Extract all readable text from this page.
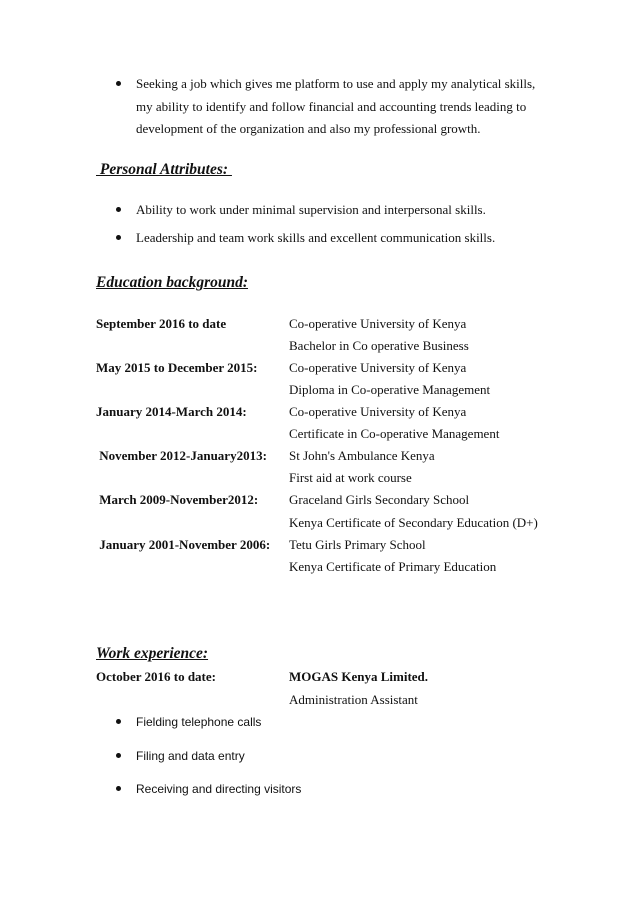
Seeking a job which gives me platform to use and apply my analytical skills,
my ability to identify and follow financial and accounting trends leading to
development of the organization and also my professional growth.
Personal Attributes:
Ability to work under minimal supervision and interpersonal skills.
Leadership and team work skills and excellent communication skills.
Education background:
September 2016 to date	Co-operative University of Kenya
Bachelor in Co operative Business
May 2015 to December 2015: Co-operative University of Kenya
Diploma in Co-operative Management
January 2014-March 2014:	Co-operative University of Kenya
Certificate in Co-operative Management
November 2012-January2013: St John's Ambulance Kenya
First aid at work course
March 2009-November2012: Graceland Girls Secondary School
Kenya Certificate of Secondary Education (D+)
January 2001-November 2006: Tetu Girls Primary School
Kenya Certificate of Primary Education
Work experience:
October 2016 to date:	MOGAS Kenya Limited.
Administration Assistant
Fielding telephone calls
Filing and data entry
Receiving and directing visitors
